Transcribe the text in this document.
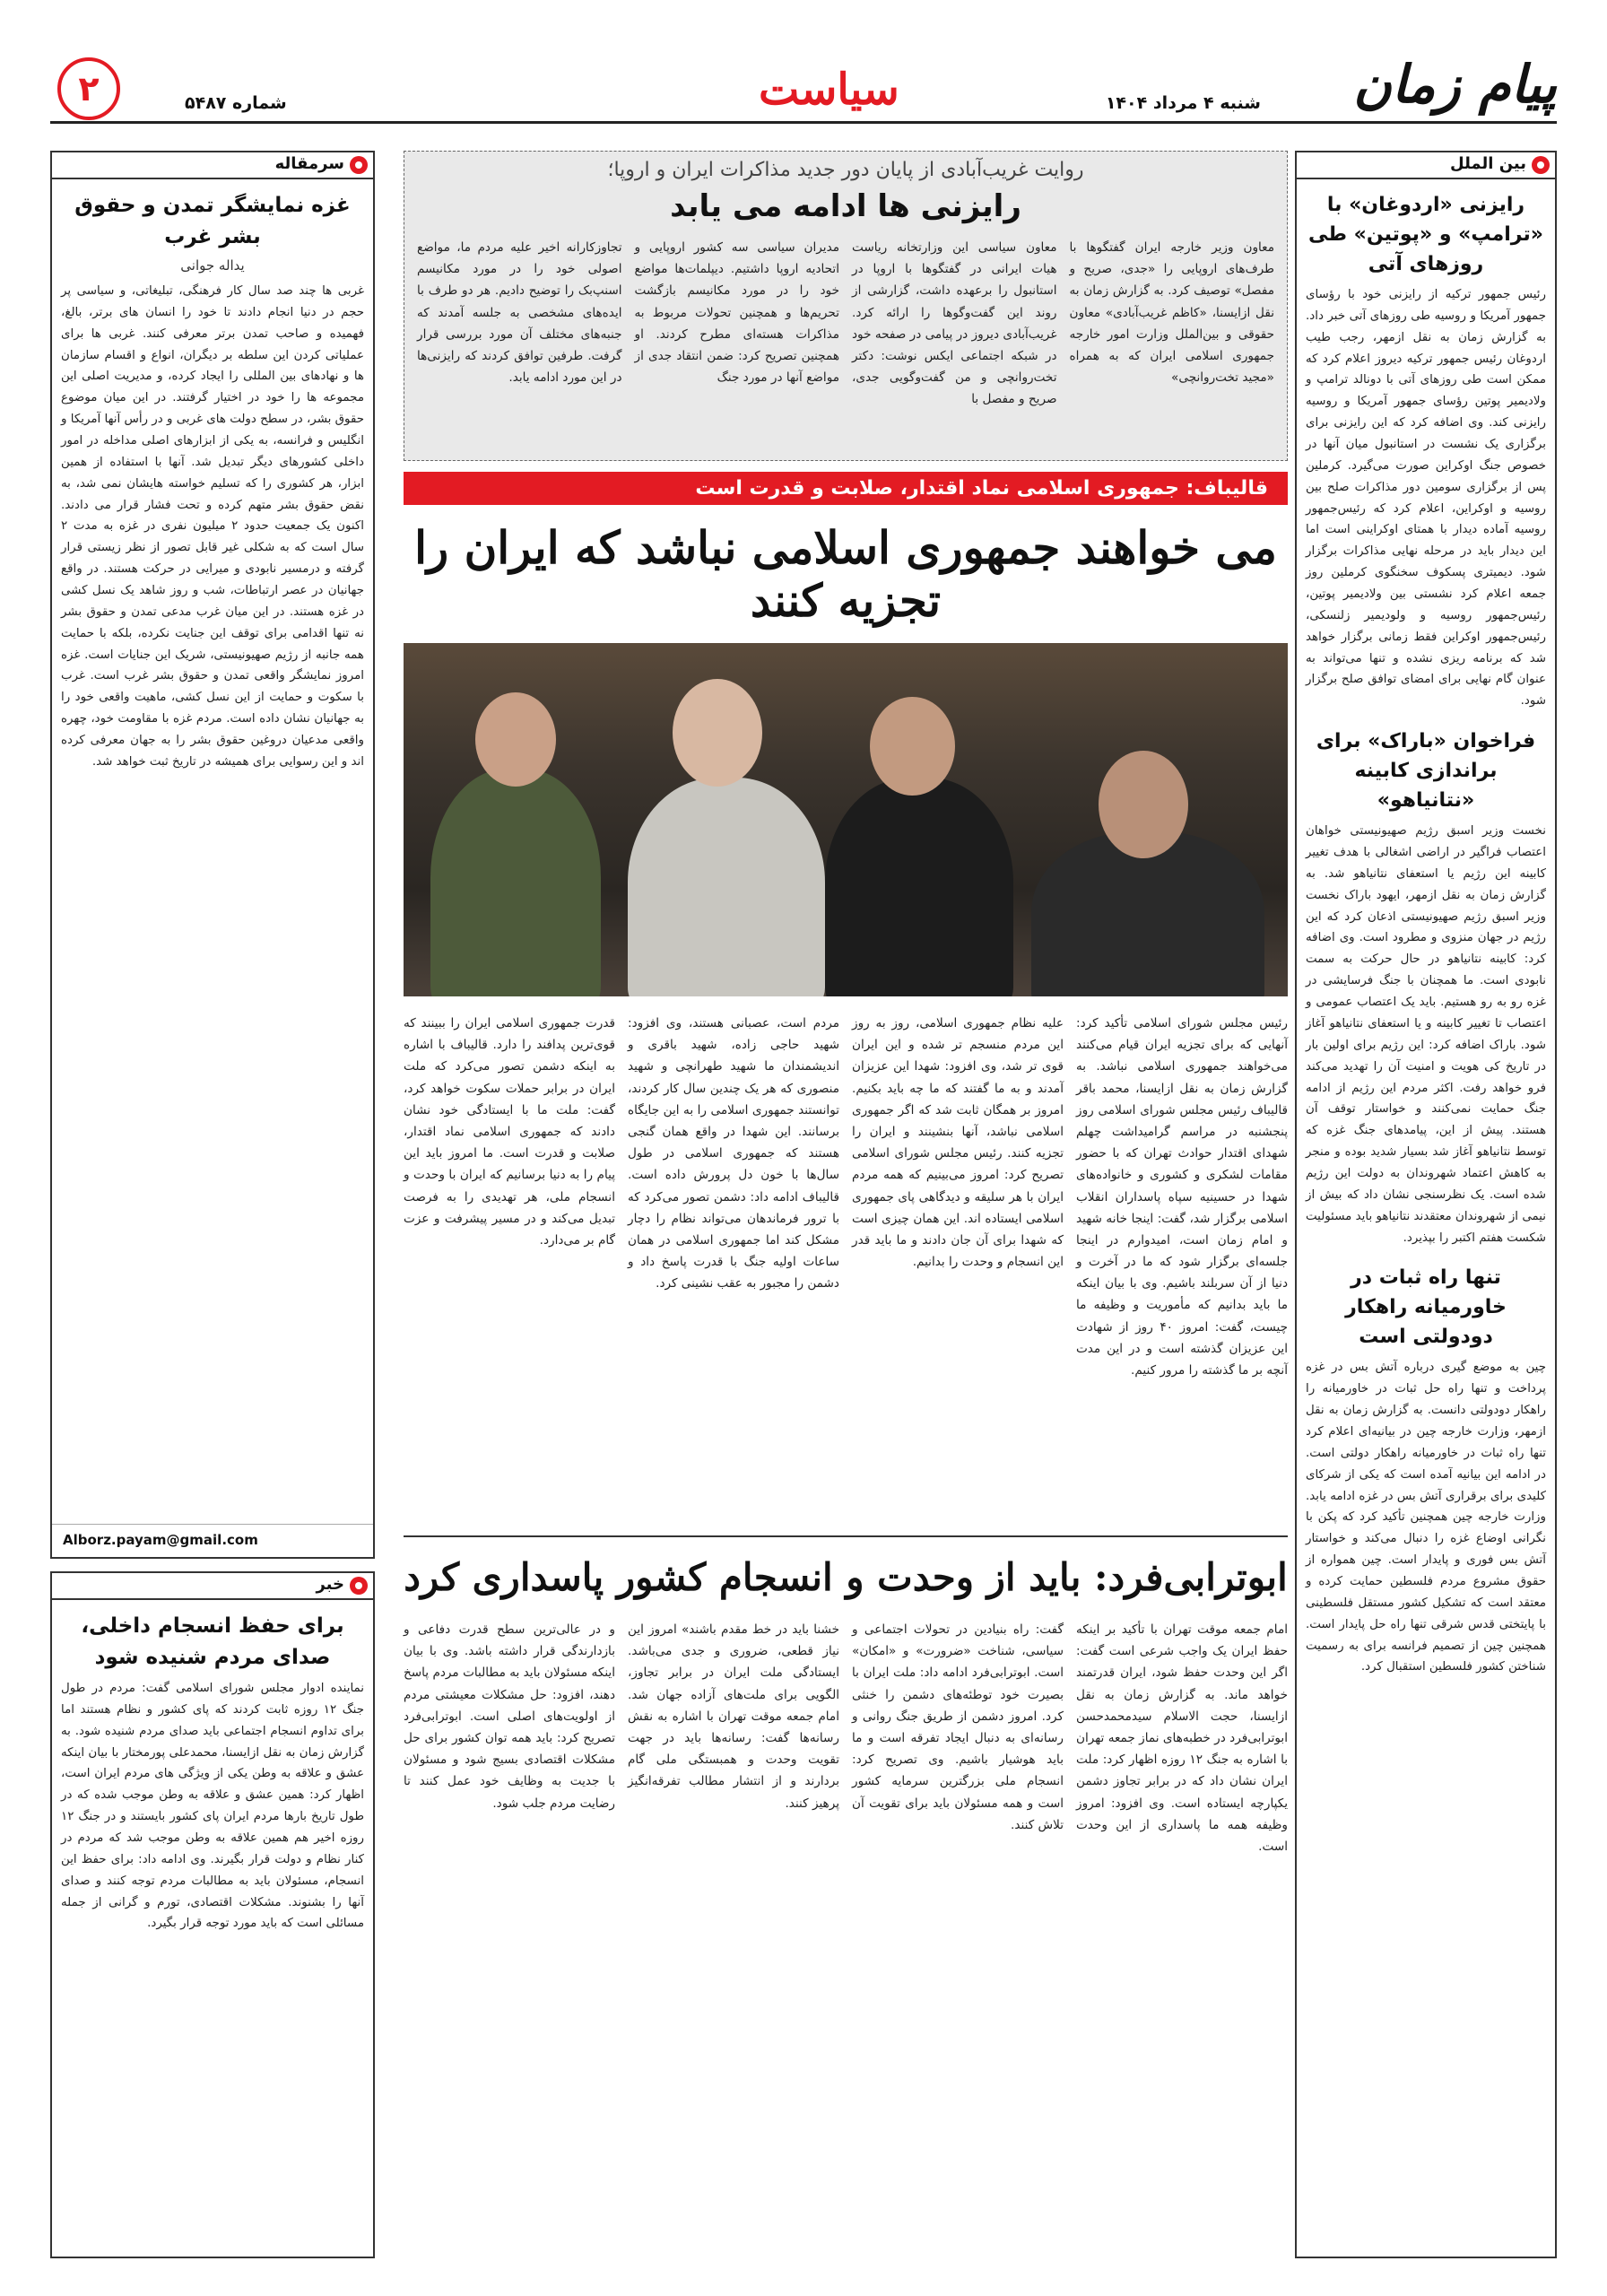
پیام زمان
شنبه ۴ مرداد ۱۴۰۴
سیاست
شماره ۵۴۸۷
۲
بین الملل
رایزنی «اردوغان» با «ترامپ» و «پوتین» طی روزهای آتی
رئیس جمهور ترکیه از رایزنی خود با رؤسای جمهور آمریکا و روسیه طی روزهای آتی خبر داد. به گزارش زمان به نقل ازمهر، رجب طیب اردوغان رئیس جمهور ترکیه دیروز اعلام کرد که ممکن است طی روزهای آتی با دونالد ترامپ و ولادیمیر پوتین رؤسای جمهور آمریکا و روسیه رایزنی کند. وی اضافه کرد که این رایزنی برای برگزاری یک نشست در استانبول میان آنها در خصوص جنگ اوکراین صورت می‌گیرد. کرملین پس از برگزاری سومین دور مذاکرات صلح بین روسیه و اوکراین، اعلام کرد که رئیس‌جمهور روسیه آماده دیدار با همتای اوکراینی است اما این دیدار باید در مرحله نهایی مذاکرات برگزار شود. دیمیتری پسکوف سخنگوی کرملین روز جمعه اعلام کرد نشستی بین ولادیمیر پوتین، رئیس‌جمهور روسیه و ولودیمیر زلنسکی، رئیس‌جمهور اوکراین فقط زمانی برگزار خواهد شد که برنامه ریزی نشده و تنها می‌تواند به عنوان گام نهایی برای امضای توافق صلح برگزار شود.
فراخوان «باراک» برای براندازی کابینه «نتانیاهو»
نخست وزیر اسبق رژیم صهیونیستی خواهان اعتصاب فراگیر در اراضی اشغالی با هدف تغییر کابینه این رژیم یا استعفای نتانیاهو شد. به گزارش زمان به نقل ازمهر، ایهود باراک نخست وزیر اسبق رژیم صهیونیستی اذعان کرد که این رژیم در جهان منزوی و مطرود است. وی اضافه کرد: کابینه نتانیاهو در حال حرکت به سمت نابودی است. ما همچنان با جنگ فرسایشی در غزه رو به رو هستیم. باید یک اعتصاب عمومی و اعتصاب تا تغییر کابینه و یا استعفای نتانیاهو آغاز شود. باراک اضافه کرد: این رژیم برای اولین بار در تاریخ کی هویت و امنیت آن را تهدید می‌کند فرو خواهد رفت. اکثر مردم این رژیم از ادامه جنگ حمایت نمی‌کنند و خواستار توقف آن هستند. پیش از این، پیامدهای جنگ غزه که توسط نتانیاهو آغاز شد بسیار شدید بوده و منجر به کاهش اعتماد شهروندان به دولت این رژیم شده است. یک نظرسنجی نشان داد که بیش از نیمی از شهروندان معتقدند نتانیاهو باید مسئولیت شکست هفتم اکتبر را بپذیرد.
تنها راه ثبات در خاورمیانه راهکار دودولتی است
چین به موضع گیری درباره آتش بس در غزه پرداخت و تنها راه حل ثبات در خاورمیانه را راهکار دودولتی دانست. به گزارش زمان به نقل ازمهر، وزارت خارجه چین در بیانیه‌ای اعلام کرد تنها راه ثبات در خاورمیانه راهکار دولتی است. در ادامه این بیانیه آمده است که یکی از شرکای کلیدی برای برقراری آتش بس در غزه ادامه یابد. وزارت خارجه چین همچنین تأکید کرد که پکن با نگرانی اوضاع غزه را دنبال می‌کند و خواستار آتش بس فوری و پایدار است. چین همواره از حقوق مشروع مردم فلسطین حمایت کرده و معتقد است که تشکیل کشور مستقل فلسطینی با پایتختی قدس شرقی تنها راه حل پایدار است. همچنین چین از تصمیم فرانسه برای به رسمیت شناختن کشور فلسطین استقبال کرد.
سرمقاله
غزه نمایشگر تمدن و حقوق بشر غرب
یداله جوانی
غربی ها چند صد سال کار فرهنگی، تبلیغاتی، و سیاسی پر حجم در دنیا انجام دادند تا خود را انسان های برتر، بالغ، فهمیده و صاحب تمدن برتر معرفی کنند. غربی ها برای عملیاتی کردن این سلطه بر دیگران، انواع و اقسام سازمان ها و نهادهای بین المللی را ایجاد کرده، و مدیریت اصلی این مجموعه ها را خود در اختیار گرفتند. در این میان موضوع حقوق بشر، در سطح دولت های غربی و در رأس آنها آمریکا و انگلیس و فرانسه، به یکی از ابزارهای اصلی مداخله در امور داخلی کشورهای دیگر تبدیل شد. آنها با استفاده از همین ابزار، هر کشوری را که تسلیم خواسته هایشان نمی شد، به نقض حقوق بشر متهم کرده و تحت فشار قرار می دادند. اکنون یک جمعیت حدود ۲ میلیون نفری در غزه به مدت ۲ سال است که به شکلی غیر قابل تصور از نظر زیستی قرار گرفته و درمسیر نابودی و میرایی در حرکت هستند. در واقع جهانیان در عصر ارتباطات، شب و روز شاهد یک نسل کشی در غزه هستند. در این میان غرب مدعی تمدن و حقوق بشر نه تنها اقدامی برای توقف این جنایت نکرده، بلکه با حمایت همه جانبه از رژیم صهیونیستی، شریک این جنایات است. غزه امروز نمایشگر واقعی تمدن و حقوق بشر غرب است. غرب با سکوت و حمایت از این نسل کشی، ماهیت واقعی خود را به جهانیان نشان داده است. مردم غزه با مقاومت خود، چهره واقعی مدعیان دروغین حقوق بشر را به جهان معرفی کرده اند و این رسوایی برای همیشه در تاریخ ثبت خواهد شد.
Alborz.payam@gmail.com
خبر
برای حفظ انسجام داخلی، صدای مردم شنیده شود
نماینده ادوار مجلس شورای اسلامی گفت: مردم در طول جنگ ۱۲ روزه ثابت کردند که پای کشور و نظام هستند اما برای تداوم انسجام اجتماعی باید صدای مردم شنیده شود. به گزارش زمان به نقل ازایسنا، محمدعلی پورمختار با بیان اینکه عشق و علاقه به وطن یکی از ویژگی های مردم ایران است، اظهار کرد: همین عشق و علاقه به وطن موجب شده که در طول تاریخ بارها مردم ایران پای کشور بایستند و در جنگ ۱۲ روزه اخیر هم همین علاقه به وطن موجب شد که مردم در کنار نظام و دولت قرار بگیرند. وی ادامه داد: برای حفظ این انسجام، مسئولان باید به مطالبات مردم توجه کنند و صدای آنها را بشنوند. مشکلات اقتصادی، تورم و گرانی از جمله مسائلی است که باید مورد توجه قرار بگیرد.
روایت غریب‌آبادی از پایان دور جدید مذاکرات ایران و اروپا؛
رایزنی ها ادامه می یابد
معاون وزیر خارجه ایران گفتگوها با طرف‌های اروپایی را «جدی، صریح و مفصل» توصیف کرد. به گزارش زمان به نقل ازایسنا، «کاظم غریب‌آبادی» معاون حقوقی و بین‌الملل وزارت امور خارجه جمهوری اسلامی ایران که به همراه «مجید تخت‌روانچی»
معاون سیاسی این وزارتخانه ریاست هیات ایرانی در گفتگوها با اروپا در استانبول را برعهده داشت، گزارشی از روند این گفت‌وگوها را ارائه کرد. غریب‌آبادی دیروز در پیامی در صفحه خود در شبکه اجتماعی ایکس نوشت: دکتر تخت‌روانچی و من گفت‌وگویی جدی، صریح و مفصل با
مدیران سیاسی سه کشور اروپایی و اتحادیه اروپا داشتیم. دیپلمات‌ها مواضع خود را در مورد مکانیسم بازگشت تحریم‌ها و همچنین تحولات مربوط به مذاکرات هسته‌ای مطرح کردند. او همچنین تصریح کرد: ضمن انتقاد جدی از مواضع آنها در مورد جنگ
تجاوزکارانه اخیر علیه مردم ما، مواضع اصولی خود را در مورد مکانیسم اسنپ‌بک را توضیح دادیم. هر دو طرف با ایده‌های مشخصی به جلسه آمدند که جنبه‌های مختلف آن مورد بررسی قرار گرفت. طرفین توافق کردند که رایزنی‌ها در این مورد ادامه یابد.
قالیباف: جمهوری اسلامی نماد اقتدار، صلابت و قدرت است
می خواهند جمهوری اسلامی نباشد که ایران را تجزیه کنند
رئیس مجلس شورای اسلامی تأکید کرد: آنهایی که برای تجزیه ایران قیام می‌کنند می‌خواهند جمهوری اسلامی نباشد. به گزارش زمان به نقل ازایسنا، محمد باقر قالیباف رئیس مجلس شورای اسلامی روز پنجشنبه در مراسم گرامیداشت چهلم شهدای اقتدار حوادث تهران که با حضور مقامات لشکری و کشوری و خانواده‌های شهدا در حسینیه سپاه پاسداران انقلاب اسلامی برگزار شد، گفت: اینجا خانه شهید و امام زمان است، امیدوارم در اینجا جلسه‌ای برگزار شود که ما در آخرت و دنیا از آن سربلند باشیم. وی با بیان اینکه ما باید بدانیم که مأموریت و وظیفه ما چیست، گفت: امروز ۴۰ روز از شهادت این عزیزان گذشته است و در این مدت آنچه بر ما گذشته را مرور کنیم.
علیه نظام جمهوری اسلامی، روز به روز این مردم منسجم تر شده و این ایران قوی تر شد، وی افزود: شهدا این عزیزان آمدند و به ما گفتند که ما چه باید بکنیم. امروز بر همگان ثابت شد که اگر جمهوری اسلامی نباشد، آنها بنشینند و ایران را تجزیه کنند. رئیس مجلس شورای اسلامی تصریح کرد: امروز می‌بینیم که همه مردم ایران با هر سلیقه و دیدگاهی پای جمهوری اسلامی ایستاده اند. این همان چیزی است که شهدا برای آن جان دادند و ما باید قدر این انسجام و وحدت را بدانیم.
مردم است، عصبانی هستند، وی افزود: شهید حاجی زاده، شهید باقری و اندیشمندان ما شهید طهرانچی و شهید منصوری که هر یک چندین سال کار کردند، توانستند جمهوری اسلامی را به این جایگاه برسانند. این شهدا در واقع همان گنجی هستند که جمهوری اسلامی در طول سال‌ها با خون دل پرورش داده است. قالیباف ادامه داد: دشمن تصور می‌کرد که با ترور فرماندهان می‌تواند نظام را دچار مشکل کند اما جمهوری اسلامی در همان ساعات اولیه جنگ با قدرت پاسخ داد و دشمن را مجبور به عقب نشینی کرد.
قدرت جمهوری اسلامی ایران را ببینند که قوی‌ترین پدافند را دارد. قالیباف با اشاره به اینکه دشمن تصور می‌کرد که ملت ایران در برابر حملات سکوت خواهد کرد، گفت: ملت ما با ایستادگی خود نشان دادند که جمهوری اسلامی نماد اقتدار، صلابت و قدرت است. ما امروز باید این پیام را به دنیا برسانیم که ایران با وحدت و انسجام ملی، هر تهدیدی را به فرصت تبدیل می‌کند و در مسیر پیشرفت و عزت گام بر می‌دارد.
ابوترابی‌فرد: باید از وحدت و انسجام کشور پاسداری کرد
امام جمعه موقت تهران با تأکید بر اینکه حفظ ایران یک واجب شرعی است گفت: اگر این وحدت حفظ شود، ایران قدرتمند خواهد ماند. به گزارش زمان به نقل ازایسنا، حجت الاسلام سیدمحمدحسن ابوترابی‌فرد در خطبه‌های نماز جمعه تهران با اشاره به جنگ ۱۲ روزه اظهار کرد: ملت ایران نشان داد که در برابر تجاوز دشمن یکپارچه ایستاده است. وی افزود: امروز وظیفه همه ما پاسداری از این وحدت است.
گفت: راه بنیادین در تحولات اجتماعی و سیاسی، شناخت «ضرورت» و «امکان» است. ابوترابی‌فرد ادامه داد: ملت ایران با بصیرت خود توطئه‌های دشمن را خنثی کرد. امروز دشمن از طریق جنگ روانی و رسانه‌ای به دنبال ایجاد تفرقه است و ما باید هوشیار باشیم. وی تصریح کرد: انسجام ملی بزرگترین سرمایه کشور است و همه مسئولان باید برای تقویت آن تلاش کنند.
خشنا باید در خط مقدم باشند» امروز این نیاز قطعی، ضروری و جدی می‌باشد. ایستادگی ملت ایران در برابر تجاوز، الگویی برای ملت‌های آزاده جهان شد. امام جمعه موقت تهران با اشاره به نقش رسانه‌ها گفت: رسانه‌ها باید در جهت تقویت وحدت و همبستگی ملی گام بردارند و از انتشار مطالب تفرقه‌انگیز پرهیز کنند.
و در عالی‌ترین سطح قدرت دفاعی و بازدارندگی قرار داشته باشد. وی با بیان اینکه مسئولان باید به مطالبات مردم پاسخ دهند، افزود: حل مشکلات معیشتی مردم از اولویت‌های اصلی است. ابوترابی‌فرد تصریح کرد: باید همه توان کشور برای حل مشکلات اقتصادی بسیج شود و مسئولان با جدیت به وظایف خود عمل کنند تا رضایت مردم جلب شود.
